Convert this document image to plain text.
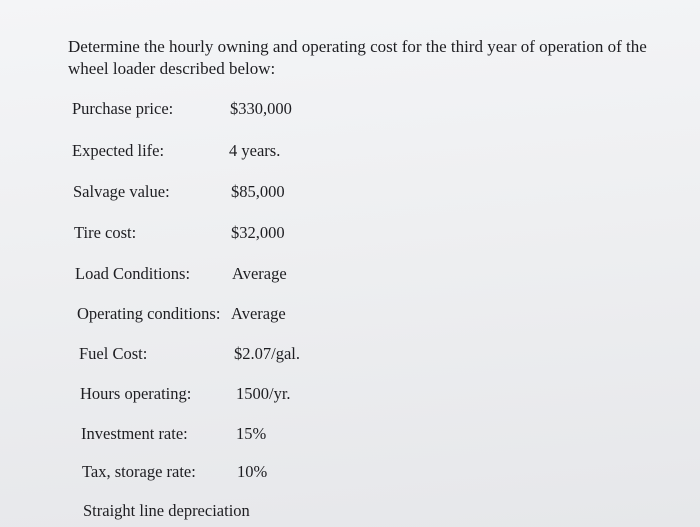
Determine the hourly owning and operating cost for the third year of operation of the wheel loader described below:

Purchase price:	$330,000
Expected life:	4 years.
Salvage value:	$85,000
Tire cost:	$32,000
Load Conditions:	Average
Operating conditions: Average
Fuel Cost:	$2.07/gal.
Hours operating:	1500/yr.
Investment rate:	15%
Tax, storage rate: 10%
Straight line depreciation
